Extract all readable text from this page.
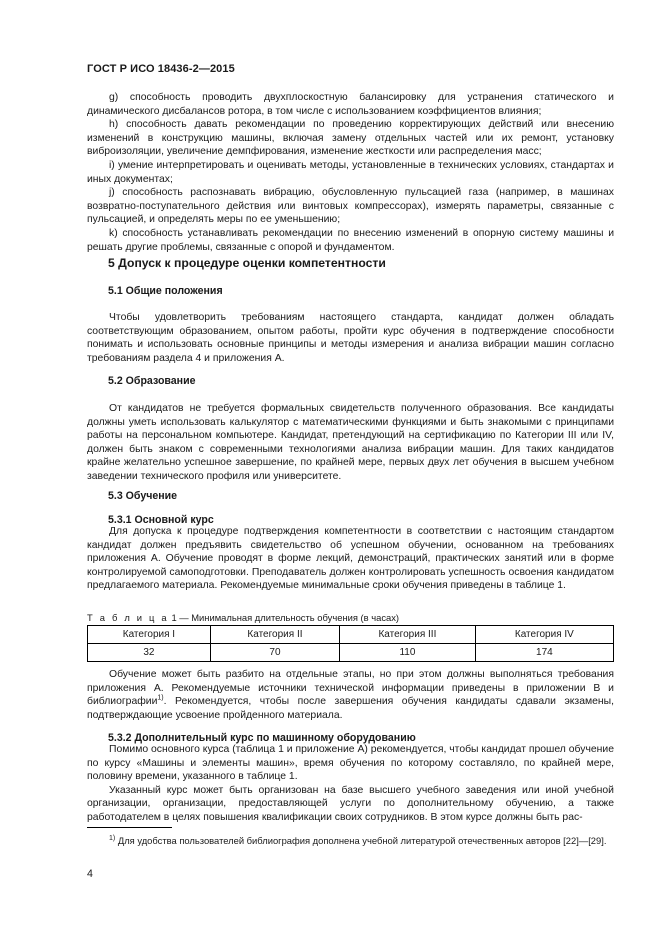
ГОСТ Р ИСО 18436-2—2015

g) способность проводить двухплоскостную балансировку для устранения статического и динамического дисбалансов ротора, в том числе с использованием коэффициентов влияния;

h) способность давать рекомендации по проведению корректирующих действий или внесению изменений в конструкцию машины, включая замену отдельных частей или их ремонт, установку виброизоляции, увеличение демпфирования, изменение жесткости или распределения масс;

i) умение интерпретировать и оценивать методы, установленные в технических условиях, стандартах и иных документах;

j) способность распознавать вибрацию, обусловленную пульсацией газа (например, в машинах возвратно-поступательного действия или винтовых компрессорах), измерять параметры, связанные с пульсацией, и определять меры по ее уменьшению;

k) способность устанавливать рекомендации по внесению изменений в опорную систему машины и решать другие проблемы, связанные с опорой и фундаментом.

5 Допуск к процедуре оценки компетентности
5.1 Общие положения

Чтобы удовлетворить требованиям настоящего стандарта, кандидат должен обладать соответствующим образованием, опытом работы, пройти курс обучения в подтверждение способности понимать и использовать основные принципы и методы измерения и анализа вибрации машин согласно требованиям раздела 4 и приложения А.

5.2 Образование

От кандидатов не требуется формальных свидетельств полученного образования. Все кандидаты должны уметь использовать калькулятор с математическими функциями и быть знакомыми с принципами работы на персональном компьютере. Кандидат, претендующий на сертификацию по Категории III или IV, должен быть знаком с современными технологиями анализа вибрации машин. Для таких кандидатов крайне желательно успешное завершение, по крайней мере, первых двух лет обучения в высшем учебном заведении технического профиля или университете.

5.3 Обучение
5.3.1 Основной курс

Для допуска к процедуре подтверждения компетентности в соответствии с настоящим стандартом кандидат должен предъявить свидетельство об успешном обучении, основанном на требованиях приложения А. Обучение проводят в форме лекций, демонстраций, практических занятий или в форме контролируемой самоподготовки. Преподаватель должен контролировать успешность освоения кандидатом предлагаемого материала. Рекомендуемые минимальные сроки обучения приведены в таблице 1.

Т а б л и ц а 1 — Минимальная длительность обучения (в часах)
Категория I	Категория II	Категория III	Категория IV
32	70	110	174

Обучение может быть разбито на отдельные этапы, но при этом должны выполняться требования приложения А. Рекомендуемые источники технической информации приведены в приложении В и библиографии$^{1)}$. Рекомендуется, чтобы после завершения обучения кандидаты сдавали экзамены, подтверждающие усвоение пройденного материала.

5.3.2 Дополнительный курс по машинному оборудованию

Помимо основного курса (таблица 1 и приложение А) рекомендуется, чтобы кандидат прошел обучение по курсу «Машины и элементы машин», время обучения по которому составляло, по крайней мере, половину времени, указанного в таблице 1.

Указанный курс может быть организован на базе высшего учебного заведения или иной учебной организации, организации, предоставляющей услуги по дополнительному обучению, а также работодателем в целях повышения квалификации своих сотрудников. В этом курсе должны быть рас-

$^{1)}$ Для удобства пользователей библиография дополнена учебной литературой отечественных авторов [22]—[29].
4
